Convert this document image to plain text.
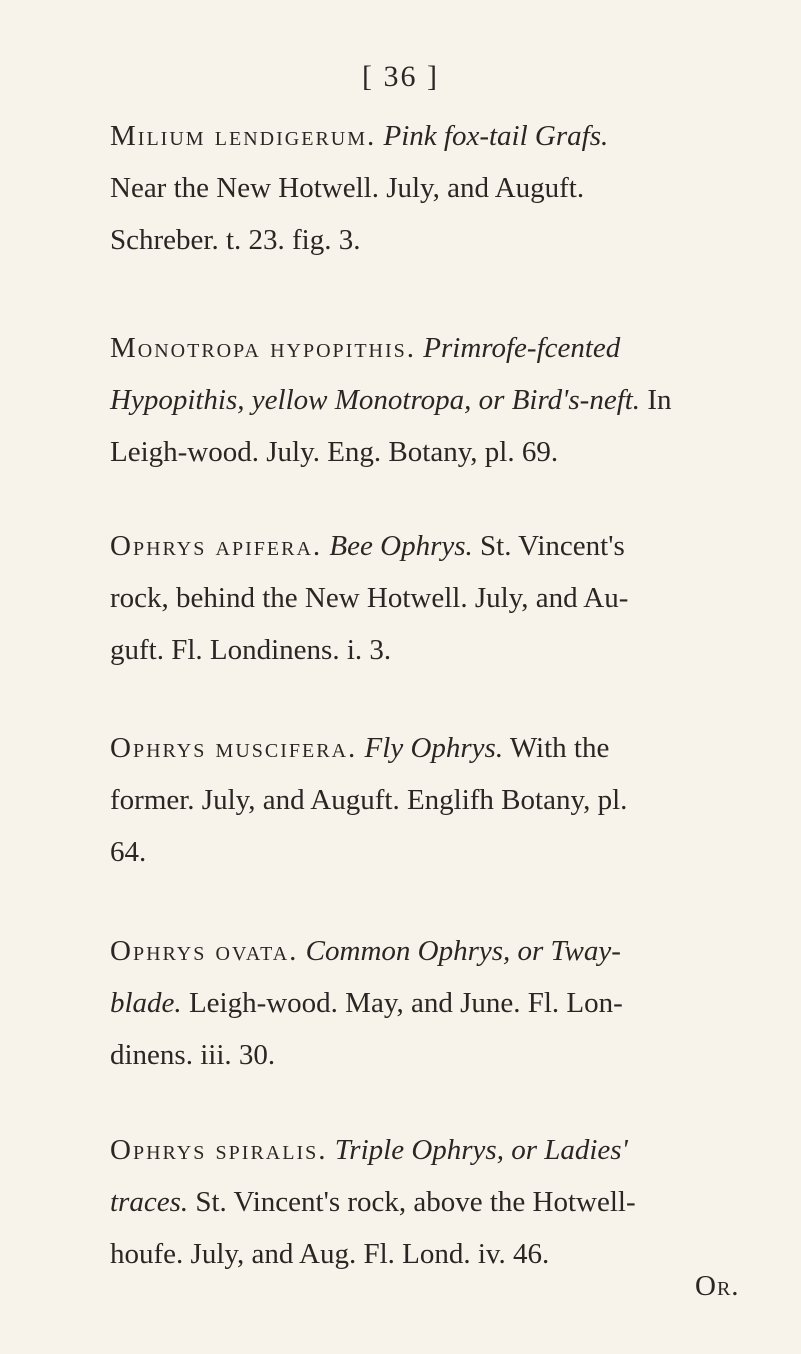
[ 36 ]
Milium lendigerum. Pink fox-tail Grafs.
Near the New Hotwell. July, and Auguft.
Schreber. t. 23. fig. 3.
Monotropa hypopithis. Primrofe-fcented
Hypopithis, yellow Monotropa, or Bird's-neft. In
Leigh-wood. July. Eng. Botany, pl. 69.
Ophrys apifera. Bee Ophrys. St. Vincent's
rock, behind the New Hotwell. July, and Au-
guft. Fl. Londinens. i. 3.
Ophrys muscifera. Fly Ophrys. With the
former. July, and Auguft. Englifh Botany, pl.
64.
Ophrys ovata. Common Ophrys, or Tway-
blade. Leigh-wood. May, and June. Fl. Lon-
dinens. iii. 30.
Ophrys spiralis. Triple Ophrys, or Ladies'
traces. St. Vincent's rock, above the Hotwell-
houfe. July, and Aug. Fl. Lond. iv. 46.
Or.
